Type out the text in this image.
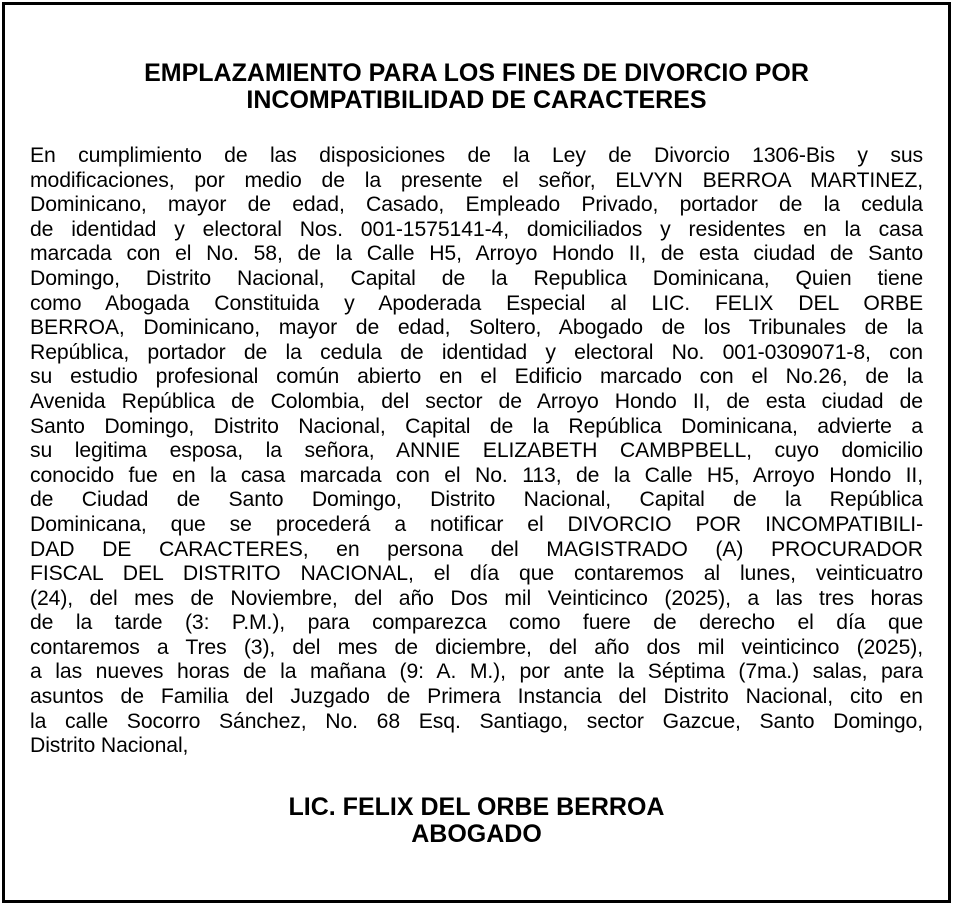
EMPLAZAMIENTO PARA LOS FINES DE DIVORCIO POR
INCOMPATIBILIDAD DE CARACTERES

En cumplimiento de las disposiciones de la Ley de Divorcio 1306-Bis y sus
modificaciones, por medio de la presente el señor, ELVYN BERROA MARTINEZ,
Dominicano, mayor de edad, Casado, Empleado Privado, portador de la cedula
de identidad y electoral Nos. 001-1575141-4, domiciliados y residentes en la casa
marcada con el No. 58, de la Calle H5, Arroyo Hondo II, de esta ciudad de Santo
Domingo, Distrito Nacional, Capital de la Republica Dominicana, Quien tiene
como Abogada Constituida y Apoderada Especial al LIC. FELIX DEL ORBE
BERROA, Dominicano, mayor de edad, Soltero, Abogado de los Tribunales de la
República, portador de la cedula de identidad y electoral No. 001-0309071-8, con
su estudio profesional común abierto en el Edificio marcado con el No.26, de la
Avenida República de Colombia, del sector de Arroyo Hondo II, de esta ciudad de
Santo Domingo, Distrito Nacional, Capital de la República Dominicana, advierte a
su legitima esposa, la señora, ANNIE ELIZABETH CAMBPBELL, cuyo domicilio
conocido fue en la casa marcada con el No. 113, de la Calle H5, Arroyo Hondo II,
de Ciudad de Santo Domingo, Distrito Nacional, Capital de la República
Dominicana, que se procederá a notificar el DIVORCIO POR INCOMPATIBILI-
DAD DE CARACTERES, en persona del MAGISTRADO (A) PROCURADOR
FISCAL DEL DISTRITO NACIONAL, el día que contaremos al lunes, veinticuatro
(24), del mes de Noviembre, del año Dos mil Veinticinco (2025), a las tres horas
de la tarde (3: P.M.), para comparezca como fuere de derecho el día que
contaremos a Tres (3), del mes de diciembre, del año dos mil veinticinco (2025),
a las nueves horas de la mañana (9: A. M.), por ante la Séptima (7ma.) salas, para
asuntos de Familia del Juzgado de Primera Instancia del Distrito Nacional, cito en
la calle Socorro Sánchez, No. 68 Esq. Santiago, sector Gazcue, Santo Domingo,
Distrito Nacional,

LIC. FELIX DEL ORBE BERROA
ABOGADO
